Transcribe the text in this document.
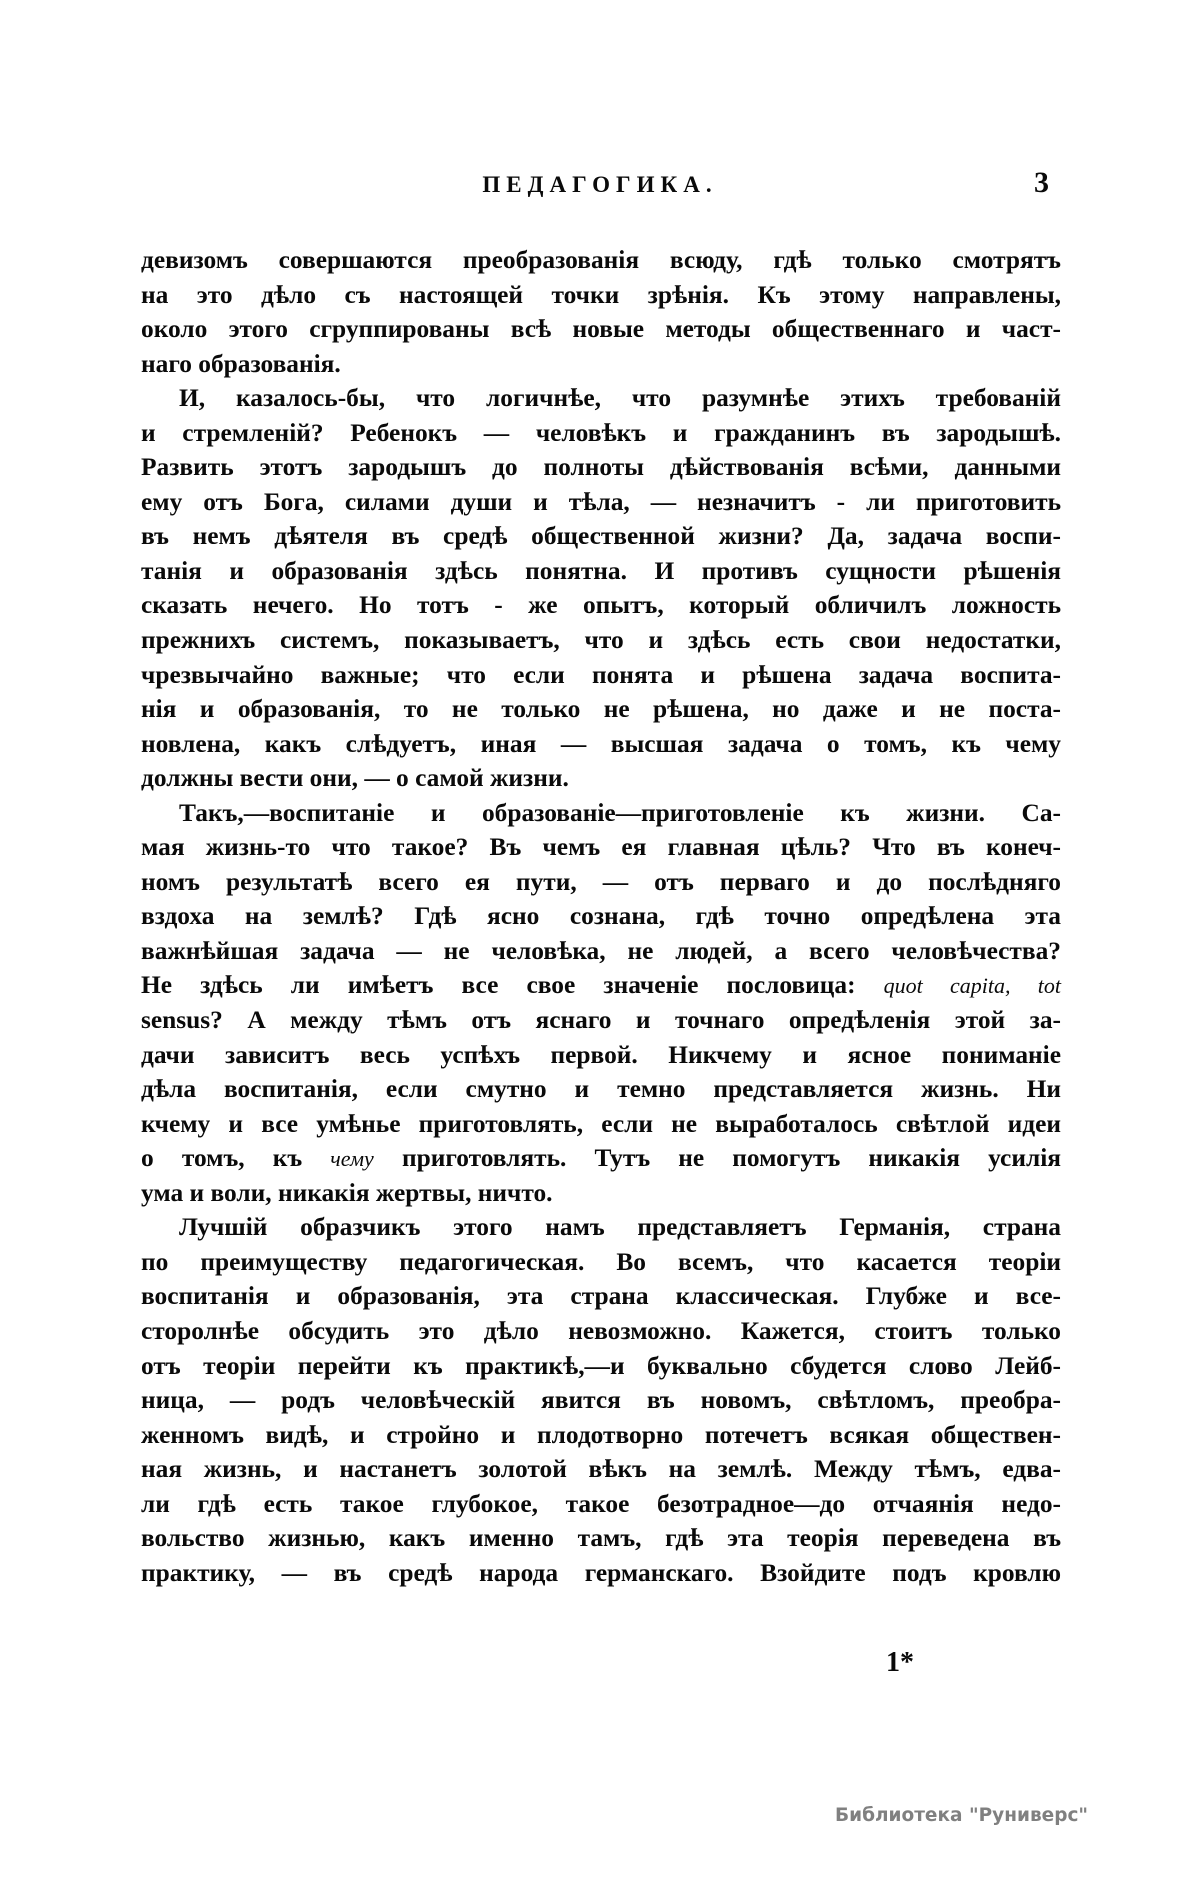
ПЕДАГОГИКА.	3
девизомъ совершаются преобразованія всюду, гдѣ только смотрятъ
на это дѣло съ настоящей точки зрѣнія. Къ этому направлены,
около этого сгруппированы всѣ новые методы общественнаго и част-
наго образованія.
И, казалось-бы, что логичнѣе, что разумнѣе этихъ требованій
и стремленій? Ребенокъ — человѣкъ и гражданинъ въ зародышѣ.
Развить этотъ зародышъ до полноты дѣйствованія всѣми, данными
ему отъ Бога, силами души и тѣла, — незначитъ - ли приготовить
въ немъ дѣятеля въ средѣ общественной жизни? Да, задача воспи-
танія и образованія здѣсь понятна. И противъ сущности рѣшенія
сказать нечего. Но тотъ - же опытъ, который обличилъ ложность
прежнихъ системъ, показываетъ, что и здѣсь есть свои недостатки,
чрезвычайно важные; что если понята и рѣшена задача воспита-
нія и образованія, то не только не рѣшена, но даже и не поста-
новлена, какъ слѣдуетъ, иная — высшая задача о томъ, къ чему
должны вести они, — о самой жизни.
Такъ,—воспитаніе и образованіе—приготовленіе къ жизни. Са-
мая жизнь-то что такое? Въ чемъ ея главная цѣль? Что въ конеч-
номъ результатѣ всего ея пути, — отъ перваго и до послѣдняго
вздоха на землѣ? Гдѣ ясно сознана, гдѣ точно опредѣлена эта
важнѣйшая задача — не человѣка, не людей, а всего человѣчества?
Не здѣсь ли имѣетъ все свое значеніе пословица: quot capita, tot
sensus? А между тѣмъ отъ яснаго и точнаго опредѣленія этой за-
дачи зависитъ весь успѣхъ первой. Никчему и ясное пониманіе
дѣла воспитанія, если смутно и темно представляется жизнь. Ни
кчему и все умѣнье приготовлять, если не выработалось свѣтлой идеи
о томъ, къ чему приготовлять. Тутъ не помогутъ никакія усилія
ума и воли, никакія жертвы, ничто.
Лучшій образчикъ этого намъ представляетъ Германія, страна
по преимуществу педагогическая. Во всемъ, что касается теоріи
воспитанія и образованія, эта страна классическая. Глубже и все-
сторолнѣе обсудить это дѣло невозможно. Кажется, стоитъ только
отъ теоріи перейти къ практикѣ,—и буквально сбудется слово Лейб-
ница, — родъ человѣческій явится въ новомъ, свѣтломъ, преобра-
женномъ видѣ, и стройно и плодотворно потечетъ всякая обществен-
ная жизнь, и настанетъ золотой вѣкъ на землѣ. Между тѣмъ, едва-
ли гдѣ есть такое глубокое, такое безотрадное—до отчаянія недо-
вольство жизнью, какъ именно тамъ, гдѣ эта теорія переведена въ
практику, — въ средѣ народа германскаго. Взойдите подъ кровлю
1*
Библиотека "Руниверс"
